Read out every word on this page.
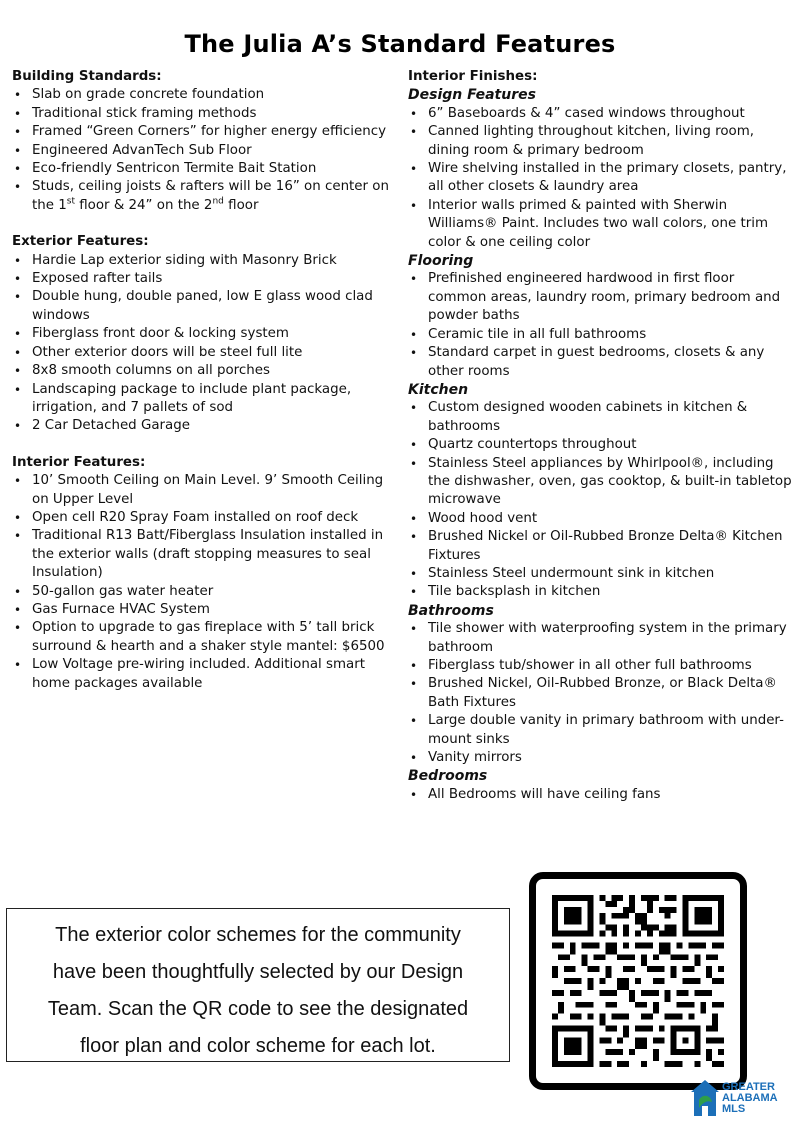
The Julia A’s Standard Features
Building Standards:
• Slab on grade concrete foundation
• Traditional stick framing methods
• Framed “Green Corners” for higher energy efficiency
• Engineered AdvanTech Sub Floor
• Eco-friendly Sentricon Termite Bait Station
• Studs, ceiling joists & rafters will be 16” on center on the 1st floor & 24” on the 2nd floor
Exterior Features:
• Hardie Lap exterior siding with Masonry Brick
• Exposed rafter tails
• Double hung, double paned, low E glass wood clad windows
• Fiberglass front door & locking system
• Other exterior doors will be steel full lite
• 8x8 smooth columns on all porches
• Landscaping package to include plant package, irrigation, and 7 pallets of sod
• 2 Car Detached Garage
Interior Features:
• 10’ Smooth Ceiling on Main Level. 9’ Smooth Ceiling on Upper Level
• Open cell R20 Spray Foam installed on roof deck
• Traditional R13 Batt/Fiberglass Insulation installed in the exterior walls (draft stopping measures to seal Insulation)
• 50-gallon gas water heater
• Gas Furnace HVAC System
• Option to upgrade to gas fireplace with 5’ tall brick surround & hearth and a shaker style mantel: $6500
• Low Voltage pre-wiring included. Additional smart home packages available
Interior Finishes:
Design Features
• 6” Baseboards & 4” cased windows throughout
• Canned lighting throughout kitchen, living room, dining room & primary bedroom
• Wire shelving installed in the primary closets, pantry, all other closets & laundry area
• Interior walls primed & painted with Sherwin Williams® Paint. Includes two wall colors, one trim color & one ceiling color
Flooring
• Prefinished engineered hardwood in first floor common areas, laundry room, primary bedroom and powder baths
• Ceramic tile in all full bathrooms
• Standard carpet in guest bedrooms, closets & any other rooms
Kitchen
• Custom designed wooden cabinets in kitchen & bathrooms
• Quartz countertops throughout
• Stainless Steel appliances by Whirlpool®, including the dishwasher, oven, gas cooktop, & built-in tabletop microwave
• Wood hood vent
• Brushed Nickel or Oil-Rubbed Bronze Delta® Kitchen Fixtures
• Stainless Steel undermount sink in kitchen
• Tile backsplash in kitchen
Bathrooms
• Tile shower with waterproofing system in the primary bathroom
• Fiberglass tub/shower in all other full bathrooms
• Brushed Nickel, Oil-Rubbed Bronze, or Black Delta® Bath Fixtures
• Large double vanity in primary bathroom with under-mount sinks
• Vanity mirrors
Bedrooms
• All Bedrooms will have ceiling fans
The exterior color schemes for the community
have been thoughtfully selected by our Design
Team. Scan the QR code to see the designated
floor plan and color scheme for each lot.
GREATER
ALABAMA
MLS
